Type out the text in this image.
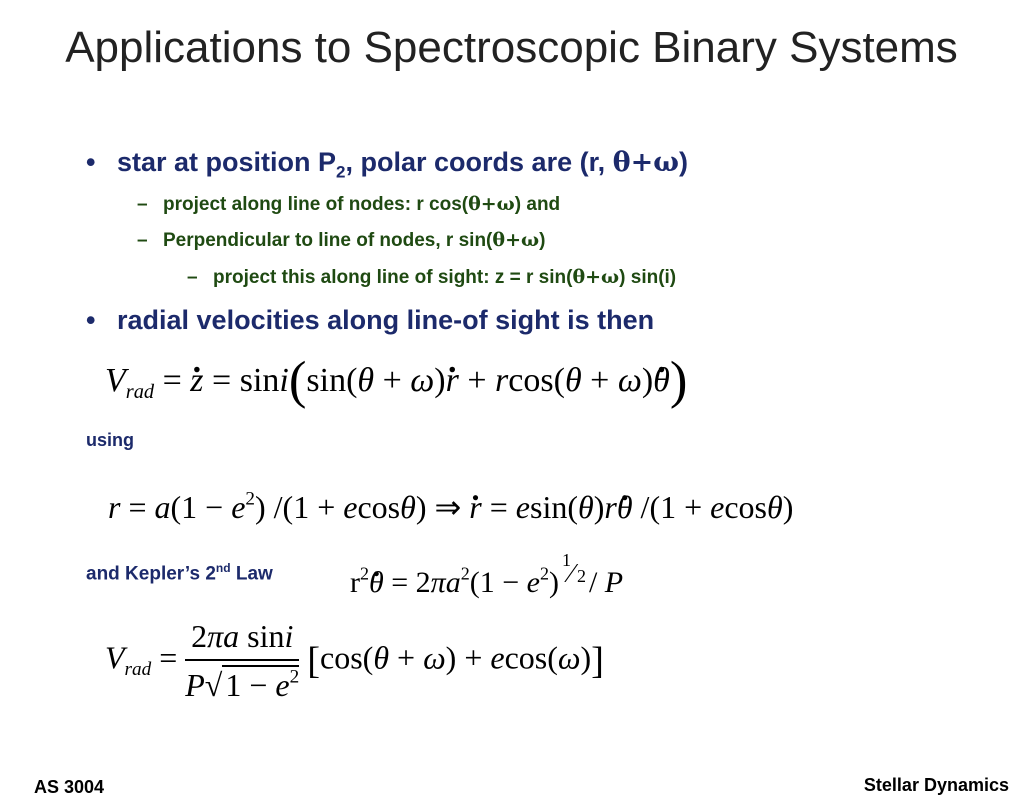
Applications to Spectroscopic Binary Systems
• star at position $P_2$, polar coords are (r, θ+ω)
– project along line of nodes: r cos(θ+ω) and
– Perpendicular to line of nodes, r sin(θ+ω)
– project this along line of sight: z = r sin(θ+ω) sin(i)
• radial velocities along line-of sight is then
$V_{rad}$ = . z = sini(sin(θ + ω). r + rcos(θ + ω). θ)
using
$r = a(1 - e^2)$ /(1 + ecosθ) ⇒ . r = esin(θ)r. θ /(1 + ecosθ)
and Kepler’s 2nd Law	$r^2$. $\theta = 2\pi a^2(1 - e^2)$
1
⁄ 2 / P
$V_{rad} = \frac{\text{2πa sini}}{P√1 - e^2} [\cos(\theta + \omega) + ecos(\omega)]$
AS 3004	Stellar Dynamics
